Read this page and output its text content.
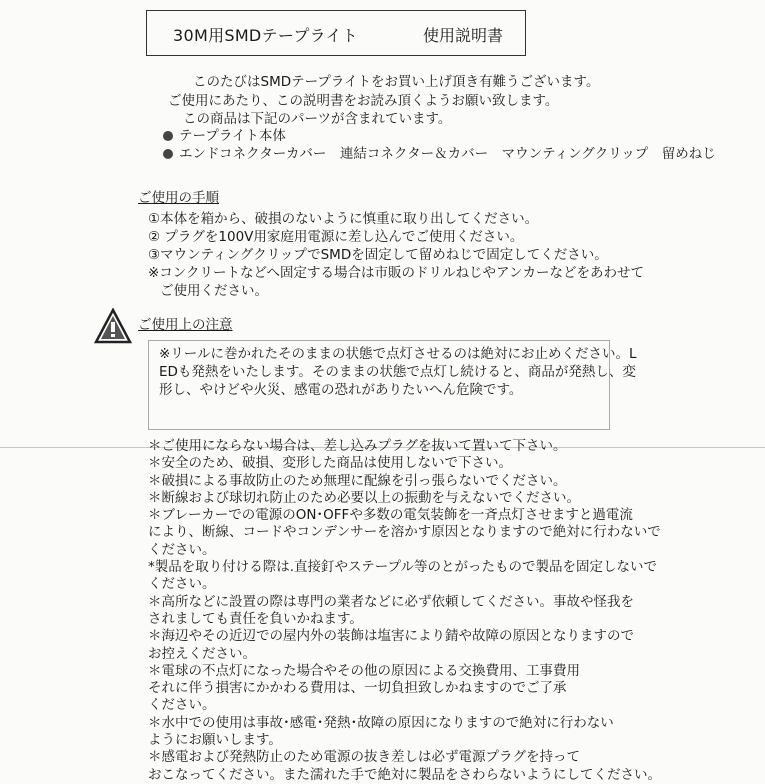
30M用SMDテープライト	使用説明書
このたびはSMDテープライトをお買い上げ頂き有難うございます。
ご使用にあたり、この説明書をお読み頂くようお願い致します。
この商品は下記のパーツが含まれています。
テープライト本体
エンドコネクターカバー　連結コネクター＆カバー　マウンティングクリップ　留めねじ
ご使用の手順
①本体を箱から、破損のないように慎重に取り出してください。
② プラグを100V用家庭用電源に差し込んでご使用ください。
③マウンティングクリップでSMDを固定して留めねじで固定してください。
※コンクリートなどへ固定する場合は市販のドリルねじやアンカーなどをあわせて
ご使用ください。
ご使用上の注意
※リールに巻かれたそのままの状態で点灯させるのは絶対にお止めください。L
EDも発熱をいたします。そのままの状態で点灯し続けると、商品が発熱し、変
形し、やけどや火災、感電の恐れがありたいへん危険です。
＊ご使用にならない場合は、差し込みプラグを抜いて置いて下さい。
＊安全のため、破損、変形した商品は使用しないで下さい。
＊破損による事故防止のため無理に配線を引っ張らないでください。
＊断線および球切れ防止のため必要以上の振動を与えないでください。
＊ブレーカーでの電源のON･OFFや多数の電気装飾を一斉点灯させますと過電流
により、断線、コードやコンデンサーを溶かす原因となりますので絶対に行わないで
ください。
*製品を取り付ける際は.直接釘やステープル等のとがったもので製品を固定しないで
ください。
＊高所などに設置の際は専門の業者などに必ず依頼してください。事故や怪我を
されましても責任を負いかねます。
＊海辺やその近辺での屋内外の装飾は塩害により錆や故障の原因となりますので
お控えください。
＊電球の不点灯になった場合やその他の原因による交換費用、工事費用
それに伴う損害にかかわる費用は、一切負担致しかねますのでご了承
ください。
＊水中での使用は事故･感電･発熱･故障の原因になりますので絶対に行わない
ようにお願いします。
＊感電および発熱防止のため電源の抜き差しは必ず電源プラグを持って
おこなってください。また濡れた手で絶対に製品をさわらないようにしてください。
